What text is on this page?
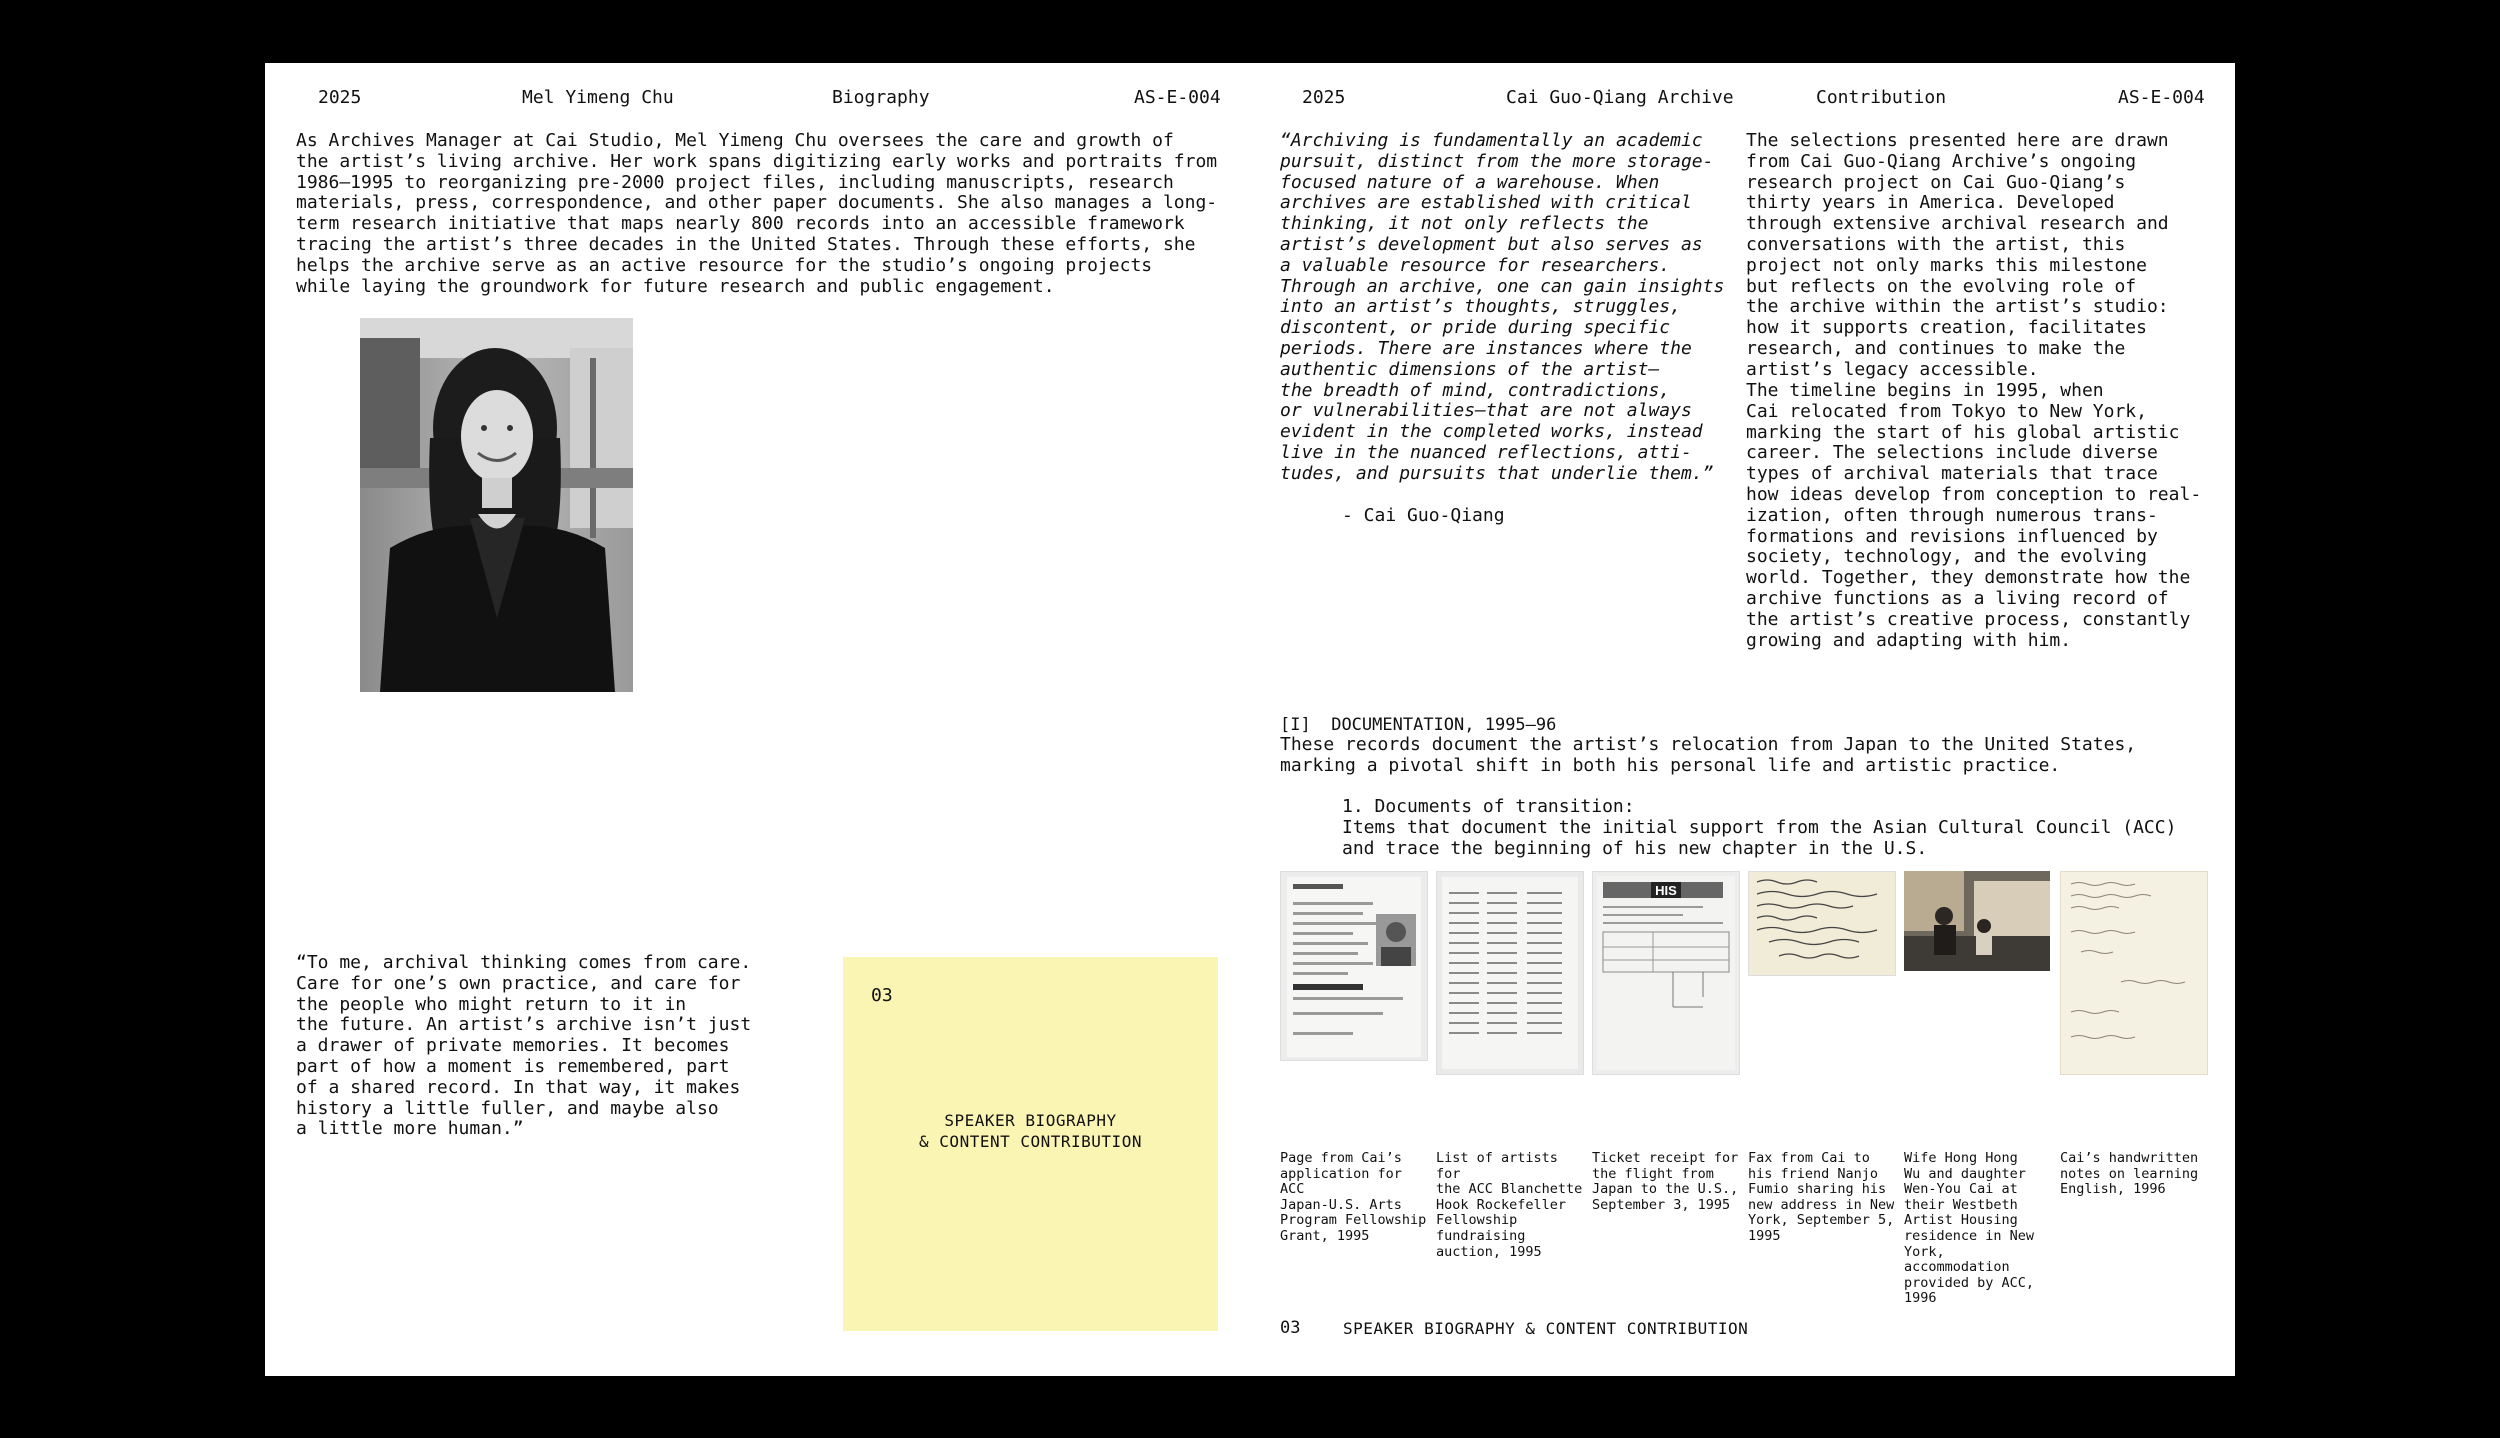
2025	Mel Yimeng Chu	Biography	AS-E-004

As Archives Manager at Cai Studio, Mel Yimeng Chu oversees the care and growth of
the artist’s living archive. Her work spans digitizing early works and portraits from
1986–1995 to reorganizing pre-2000 project files, including manuscripts, research
materials, press, correspondence, and other paper documents. She also manages a long-
term research initiative that maps nearly 800 records into an accessible framework
tracing the artist’s three decades in the United States. Through these efforts, she
helps the archive serve as an active resource for the studio’s ongoing projects
while laying the groundwork for future research and public engagement.

“To me, archival thinking comes from care.
Care for one’s own practice, and care for
the people who might return to it in
the future. An artist’s archive isn’t just
a drawer of private memories. It becomes
part of how a moment is remembered, part
of a shared record. In that way, it makes
history a little fuller, and maybe also
a little more human.”

03
SPEAKER BIOGRAPHY
& CONTENT CONTRIBUTION
2025	Cai Guo-Qiang Archive	Contribution	AS-E-004

“Archiving is fundamentally an academic
pursuit, distinct from the more storage-
focused nature of a warehouse. When
archives are established with critical
thinking, it not only reflects the
artist’s development but also serves as
a valuable resource for researchers.
Through an archive, one can gain insights
into an artist’s thoughts, struggles,
discontent, or pride during specific
periods. There are instances where the
authentic dimensions of the artist—
the breadth of mind, contradictions,
or vulnerabilities—that are not always
evident in the completed works, instead
live in the nuanced reflections, atti-
tudes, and pursuits that underlie them.”

- Cai Guo-Qiang

The selections presented here are drawn
from Cai Guo-Qiang Archive’s ongoing
research project on Cai Guo-Qiang’s
thirty years in America. Developed
through extensive archival research and
conversations with the artist, this
project not only marks this milestone
but reflects on the evolving role of
the archive within the artist’s studio:
how it supports creation, facilitates
research, and continues to make the
artist’s legacy accessible.

The timeline begins in 1995, when
Cai relocated from Tokyo to New York,
marking the start of his global artistic
career. The selections include diverse
types of archival materials that trace
how ideas develop from conception to real-
ization, often through numerous trans-
formations and revisions influenced by
society, technology, and the evolving
world. Together, they demonstrate how the
archive functions as a living record of
the artist’s creative process, constantly
growing and adapting with him.

[I] DOCUMENTATION, 1995–96

These records document the artist’s relocation from Japan to the United States,
marking a pivotal shift in both his personal life and artistic practice.

1. Documents of transition:

Items that document the initial support from the Asian Cultural Council (ACC)
and trace the beginning of his new chapter in the U.S.

HIS
Page from Cai’s
application for ACC
Japan-U.S. Arts
Program Fellowship
Grant, 1995
List of artists for
the ACC Blanchette
Hook Rockefeller
Fellowship
fundraising
auction, 1995
Ticket receipt for
the flight from
Japan to the U.S.,
September 3, 1995
Fax from Cai to
his friend Nanjo
Fumio sharing his
new address in New
York, September 5,
1995
Wife Hong Hong
Wu and daughter
Wen-You Cai at
their Westbeth
Artist Housing
residence in New
York, accommodation
provided by ACC,
1996
Cai’s handwritten
notes on learning
English, 1996
03	SPEAKER BIOGRAPHY & CONTENT CONTRIBUTION
